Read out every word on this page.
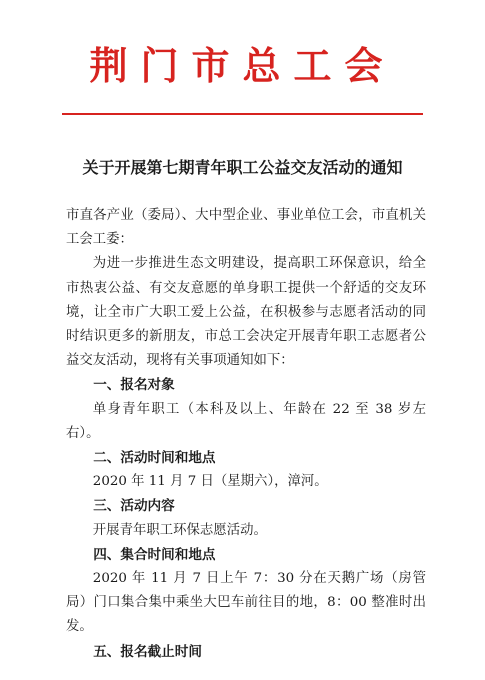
荆门市总工会
关于开展第七期青年职工公益交友活动的通知

市直各产业（委局）、大中型企业、事业单位工会，市直机关工会工委：

为进一步推进生态文明建设，提高职工环保意识，给全市热衷公益、有交友意愿的单身职工提供一个舒适的交友环境，让全市广大职工爱上公益，在积极参与志愿者活动的同时结识更多的新朋友，市总工会决定开展青年职工志愿者公益交友活动，现将有关事项通知如下：

一、报名对象

单身青年职工（本科及以上、年龄在 22 至 38 岁左右）。

二、活动时间和地点

2020 年 11 月 7 日（星期六），漳河。

三、活动内容

开展青年职工环保志愿活动。

四、集合时间和地点

2020 年 11 月 7 日上午 7：30 分在天鹅广场（房管局）门口集合集中乘坐大巴车前往目的地，8：00 整准时出发。

五、报名截止时间
